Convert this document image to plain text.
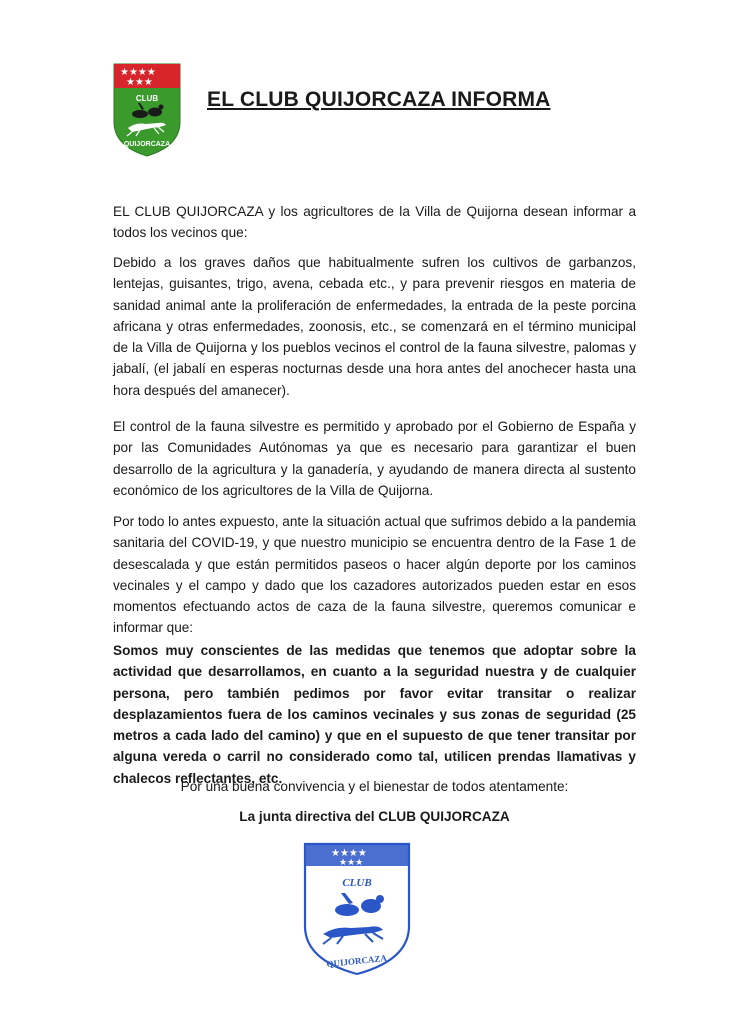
★★★★
★★★
CLUB
QUIJORCAZA
EL CLUB QUIJORCAZA INFORMA

EL CLUB QUIJORCAZA y los agricultores de la Villa de Quijorna desean informar a todos los vecinos que:

Debido a los graves daños que habitualmente sufren los cultivos de garbanzos, lentejas, guisantes, trigo, avena, cebada etc., y para prevenir riesgos en materia de sanidad animal ante la proliferación de enfermedades, la entrada de la peste porcina africana y otras enfermedades, zoonosis, etc., se comenzará en el término municipal de la Villa de Quijorna y los pueblos vecinos el control de la fauna silvestre, palomas y jabalí, (el jabalí en esperas nocturnas desde una hora antes del anochecer hasta una hora después del amanecer).

El control de la fauna silvestre es permitido y aprobado por el Gobierno de España y por las Comunidades Autónomas ya que es necesario para garantizar el buen desarrollo de la agricultura y la ganadería, y ayudando de manera directa al sustento económico de los agricultores de la Villa de Quijorna.

Por todo lo antes expuesto, ante la situación actual que sufrimos debido a la pandemia sanitaria del COVID-19, y que nuestro municipio se encuentra dentro de la Fase 1 de desescalada y que están permitidos paseos o hacer algún deporte por los caminos vecinales y el campo y dado que los cazadores autorizados pueden estar en esos momentos efectuando actos de caza de la fauna silvestre, queremos comunicar e informar que:

Somos muy conscientes de las medidas que tenemos que adoptar sobre la actividad que desarrollamos, en cuanto a la seguridad nuestra y de cualquier persona, pero también pedimos por favor evitar transitar o realizar desplazamientos fuera de los caminos vecinales y sus zonas de seguridad (25 metros a cada lado del camino) y que en el supuesto de que tener transitar por alguna vereda o carril no considerado como tal, utilicen prendas llamativas y chalecos reflectantes, etc.

Por una buena convivencia y el bienestar de todos atentamente:

La junta directiva del CLUB QUIJORCAZA

★★★★
★★★
CLUB
QUIJORCAZA
